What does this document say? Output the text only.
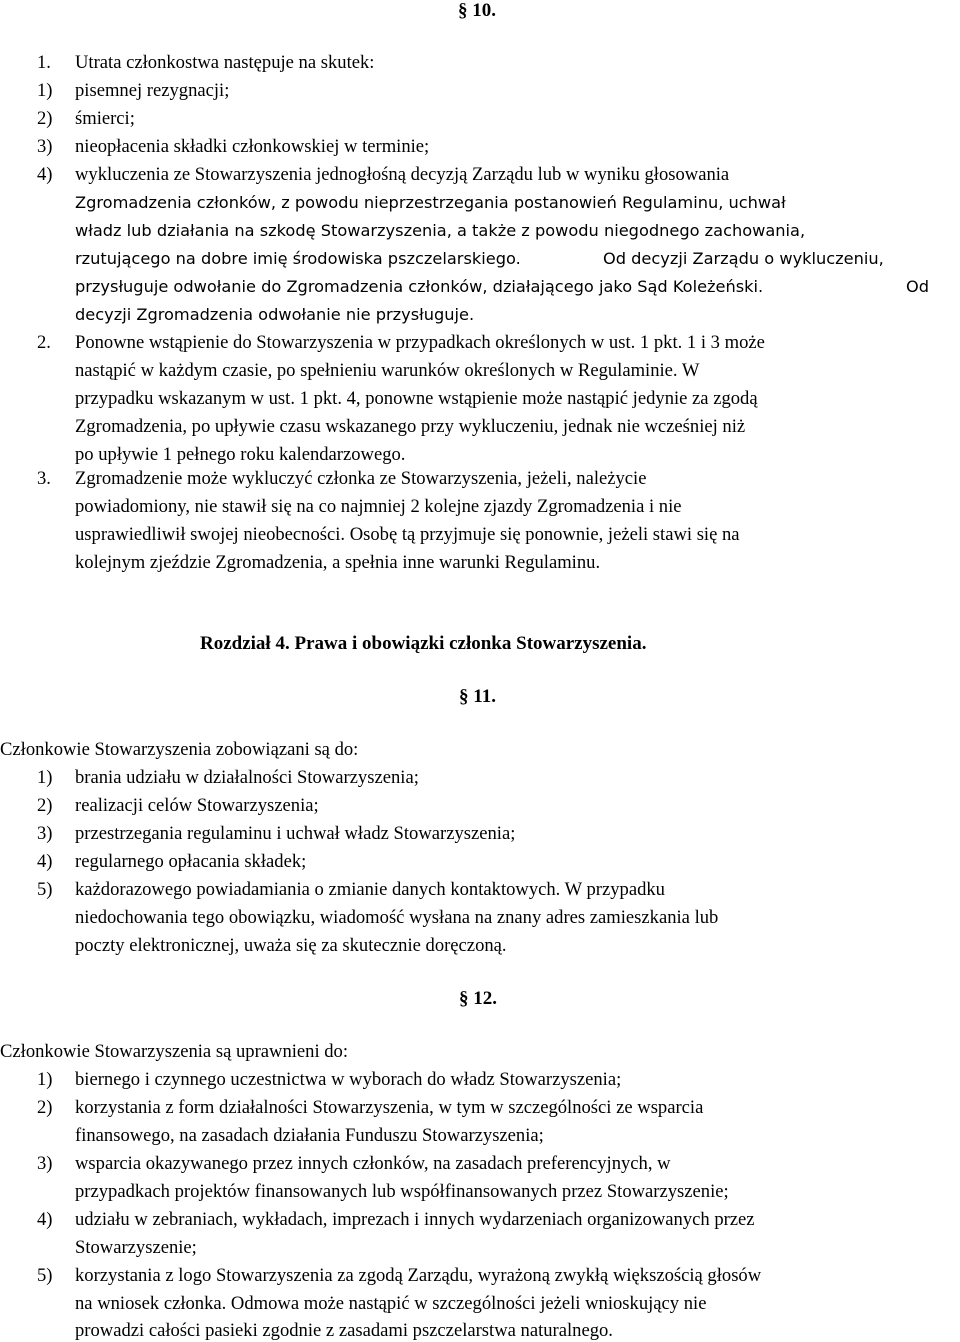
§ 10.
1. Utrata członkostwa następuje na skutek:
1) pisemnej rezygnacji;
2) śmierci;
3) nieopłacenia składki członkowskiej w terminie;
4) wykluczenia ze Stowarzyszenia jednogłośną decyzją Zarządu lub w wyniku głosowania
Zgromadzenia członków, z powodu nieprzestrzegania postanowień Regulaminu, uchwał
władz lub działania na szkodę Stowarzyszenia, a także z powodu niegodnego zachowania,
rzutującego na dobre imię środowiska pszczelarskiego.	Od decyzji Zarządu o wykluczeniu,
przysługuje odwołanie do Zgromadzenia członków, działającego jako Sąd Koleżeński.	Od
decyzji Zgromadzenia odwołanie nie przysługuje.
2. Ponowne wstąpienie do Stowarzyszenia w przypadkach określonych w ust. 1 pkt. 1 i 3 może
nastąpić w każdym czasie, po spełnieniu warunków określonych w Regulaminie. W
przypadku wskazanym w ust. 1 pkt. 4, ponowne wstąpienie może nastąpić jedynie za zgodą
Zgromadzenia, po upływie czasu wskazanego przy wykluczeniu, jednak nie wcześniej niż
po upływie 1 pełnego roku kalendarzowego.
3. Zgromadzenie może wykluczyć członka ze Stowarzyszenia, jeżeli, należycie
powiadomiony, nie stawił się na co najmniej 2 kolejne zjazdy Zgromadzenia i nie
usprawiedliwił swojej nieobecności. Osobę tą przyjmuje się ponownie, jeżeli stawi się na
kolejnym zjeździe Zgromadzenia, a spełnia inne warunki Regulaminu.
Rozdział 4. Prawa i obowiązki członka Stowarzyszenia.
§ 11.
Członkowie Stowarzyszenia zobowiązani są do:
1) brania udziału w działalności Stowarzyszenia;
2) realizacji celów Stowarzyszenia;
3) przestrzegania regulaminu i uchwał władz Stowarzyszenia;
4) regularnego opłacania składek;
5) każdorazowego powiadamiania o zmianie danych kontaktowych. W przypadku
niedochowania tego obowiązku, wiadomość wysłana na znany adres zamieszkania lub
poczty elektronicznej, uważa się za skutecznie doręczoną.
§ 12.
Członkowie Stowarzyszenia są uprawnieni do:
1) biernego i czynnego uczestnictwa w wyborach do władz Stowarzyszenia;
2) korzystania z form działalności Stowarzyszenia, w tym w szczególności ze wsparcia
finansowego, na zasadach działania Funduszu Stowarzyszenia;
3) wsparcia okazywanego przez innych członków, na zasadach preferencyjnych, w
przypadkach projektów finansowanych lub współfinansowanych przez Stowarzyszenie;
4) udziału w zebraniach, wykładach, imprezach i innych wydarzeniach organizowanych przez
Stowarzyszenie;
5) korzystania z logo Stowarzyszenia za zgodą Zarządu, wyrażoną zwykłą większością głosów
na wniosek członka. Odmowa może nastąpić w szczególności jeżeli wnioskujący nie
prowadzi całości pasieki zgodnie z zasadami pszczelarstwa naturalnego.
